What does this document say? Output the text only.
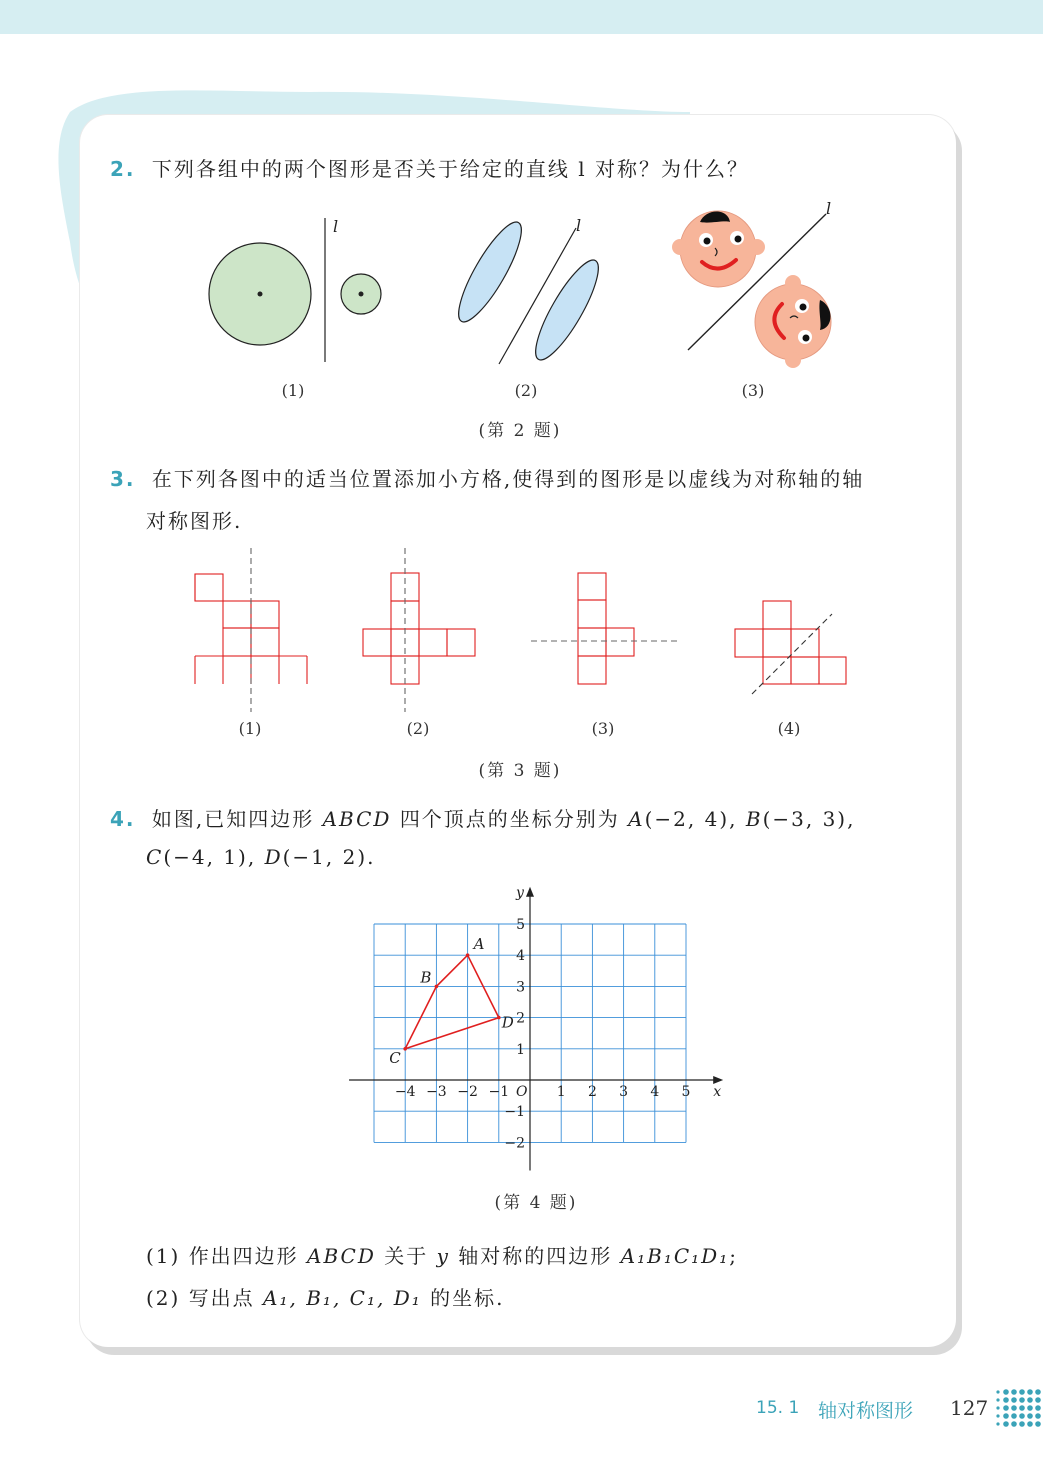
2. 下列各组中的两个图形是否关于给定的直线 l 对称？为什么？
l	l
l
(1)	(2)	(3)
(第 2 题)
3. 在下列各图中的适当位置添加小方格,使得到的图形是以虚线为对称轴的轴
对称图形.
(1)	(2)	(3)	(4)
(第 3 题)
4. 如图,已知四边形 ABCD 四个顶点的坐标分别为 A(−2, 4), B(−3, 3),
C(−4, 1), D(−1, 2).
x
y
O
−4 −3 −2 −1	1 2 3 4 5
5
4
3
2
1
−1
−2
A
B
C
D
(第 4 题)
(1) 作出四边形 ABCD 关于 y 轴对称的四边形 A₁B₁C₁D₁;
(2) 写出点 A₁, B₁, C₁, D₁ 的坐标.
15. 1 轴对称图形 127
